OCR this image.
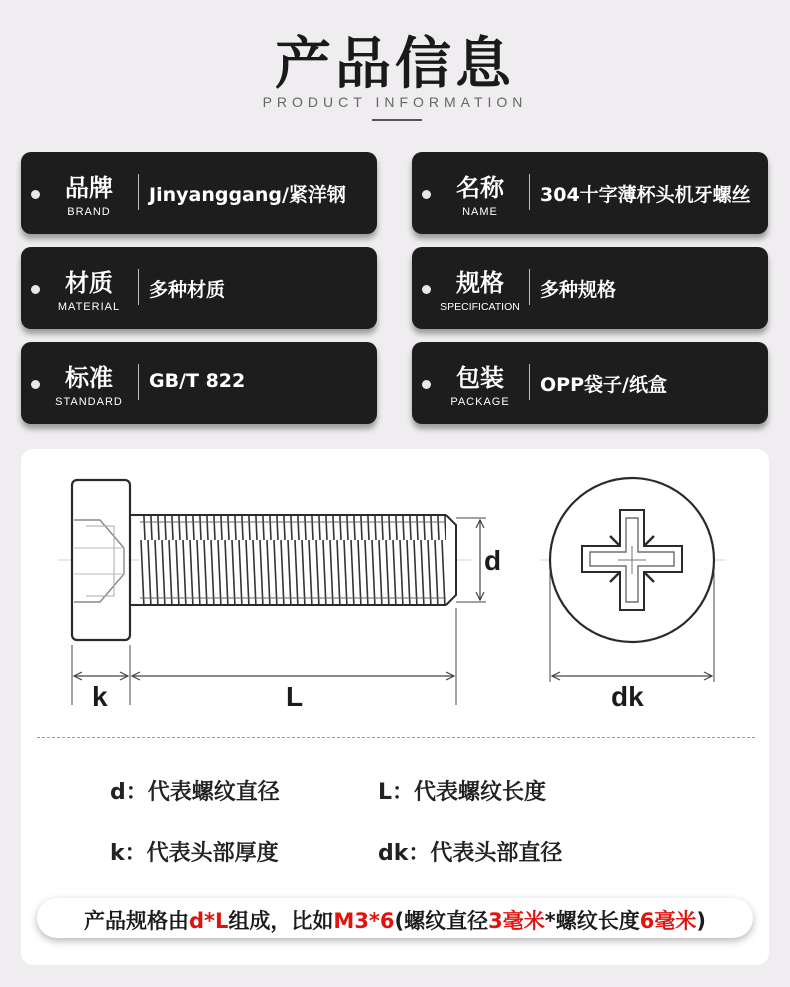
产品信息
PRODUCT INFORMATION
品牌
BRAND
Jinyanggang/紧洋钢	名称
NAME
304十字薄杯头机牙螺丝
材质
MATERIAL
多种材质	规格
SPECIFICATION
多种规格
标准
STANDARD
GB/T 822	包装
PACKAGE
OPP袋子/纸盒
d
k	L	dk
d：代表螺纹直径	L：代表螺纹长度
k：代表头部厚度	dk：代表头部直径
产品规格由d*L组成，比如M3*6(螺纹直径3毫米*螺纹长度6毫米)
